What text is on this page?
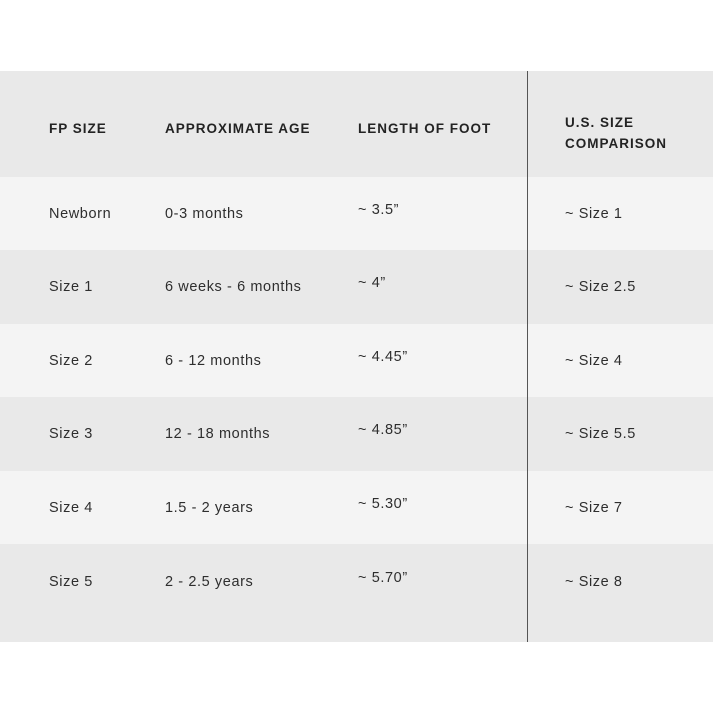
FP SIZE	APPROXIMATE AGE	LENGTH OF FOOT	U.S. SIZE COMPARISON
Newborn	0-3 months	~ 3.5”	~ Size 1
Size 1	6 weeks - 6 months	~ 4”	~ Size 2.5
Size 2	6 - 12 months	~ 4.45”	~ Size 4
Size 3	12 - 18 months	~ 4.85”	~ Size 5.5
Size 4	1.5 - 2 years	~ 5.30”	~ Size 7
Size 5	2 - 2.5 years	~ 5.70”	~ Size 8
